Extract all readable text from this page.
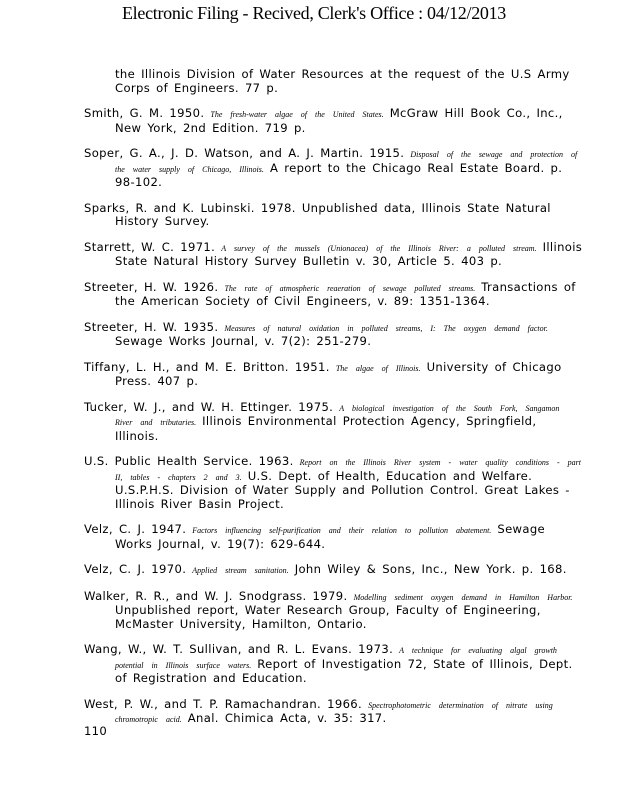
Electronic Filing - Recived, Clerk's Office : 04/12/2013
the Illinois Division of Water Resources at the request of the U.S Army Corps of Engineers. 77 p.
Smith, G. M. 1950. The fresh-water algae of the United States. McGraw Hill Book Co., Inc., New York, 2nd Edition. 719 p.
Soper, G. A., J. D. Watson, and A. J. Martin. 1915. Disposal of the sewage and protection of the water supply of Chicago, Illinois. A report to the Chicago Real Estate Board. p. 98-102.
Sparks, R. and K. Lubinski. 1978. Unpublished data, Illinois State Natural History Survey.
Starrett, W. C. 1971. A survey of the mussels (Unionacea) of the Illinois River: a polluted stream. Illinois State Natural History Survey Bulletin v. 30, Article 5. 403 p.
Streeter, H. W. 1926. The rate of atmospheric reaeration of sewage polluted streams. Transactions of the American Society of Civil Engineers, v. 89: 1351-1364.
Streeter, H. W. 1935. Measures of natural oxidation in polluted streams, I: The oxygen demand factor. Sewage Works Journal, v. 7(2): 251-279.
Tiffany, L. H., and M. E. Britton. 1951. The algae of Illinois. University of Chicago Press. 407 p.
Tucker, W. J., and W. H. Ettinger. 1975. A biological investigation of the South Fork, Sangamon River and tributaries. Illinois Environmental Protection Agency, Springfield, Illinois.
U.S. Public Health Service. 1963. Report on the Illinois River system - water quality conditions - part II, tables - chapters 2 and 3. U.S. Dept. of Health, Education and Welfare. U.S.P.H.S. Division of Water Supply and Pollution Control. Great Lakes - Illinois River Basin Project.
Velz, C. J. 1947. Factors influencing self-purification and their relation to pollution abatement. Sewage Works Journal, v. 19(7): 629-644.
Velz, C. J. 1970. Applied stream sanitation. John Wiley & Sons, Inc., New York. p. 168.
Walker, R. R., and W. J. Snodgrass. 1979. Modelling sediment oxygen demand in Hamilton Harbor. Unpublished report, Water Research Group, Faculty of Engineering, McMaster University, Hamilton, Ontario.
Wang, W., W. T. Sullivan, and R. L. Evans. 1973. A technique for evaluating algal growth potential in Illinois surface waters. Report of Investigation 72, State of Illinois, Dept. of Registration and Education.
West, P. W., and T. P. Ramachandran. 1966. Spectrophotometric determination of nitrate using chromotropic acid. Anal. Chimica Acta, v. 35: 317.
110
